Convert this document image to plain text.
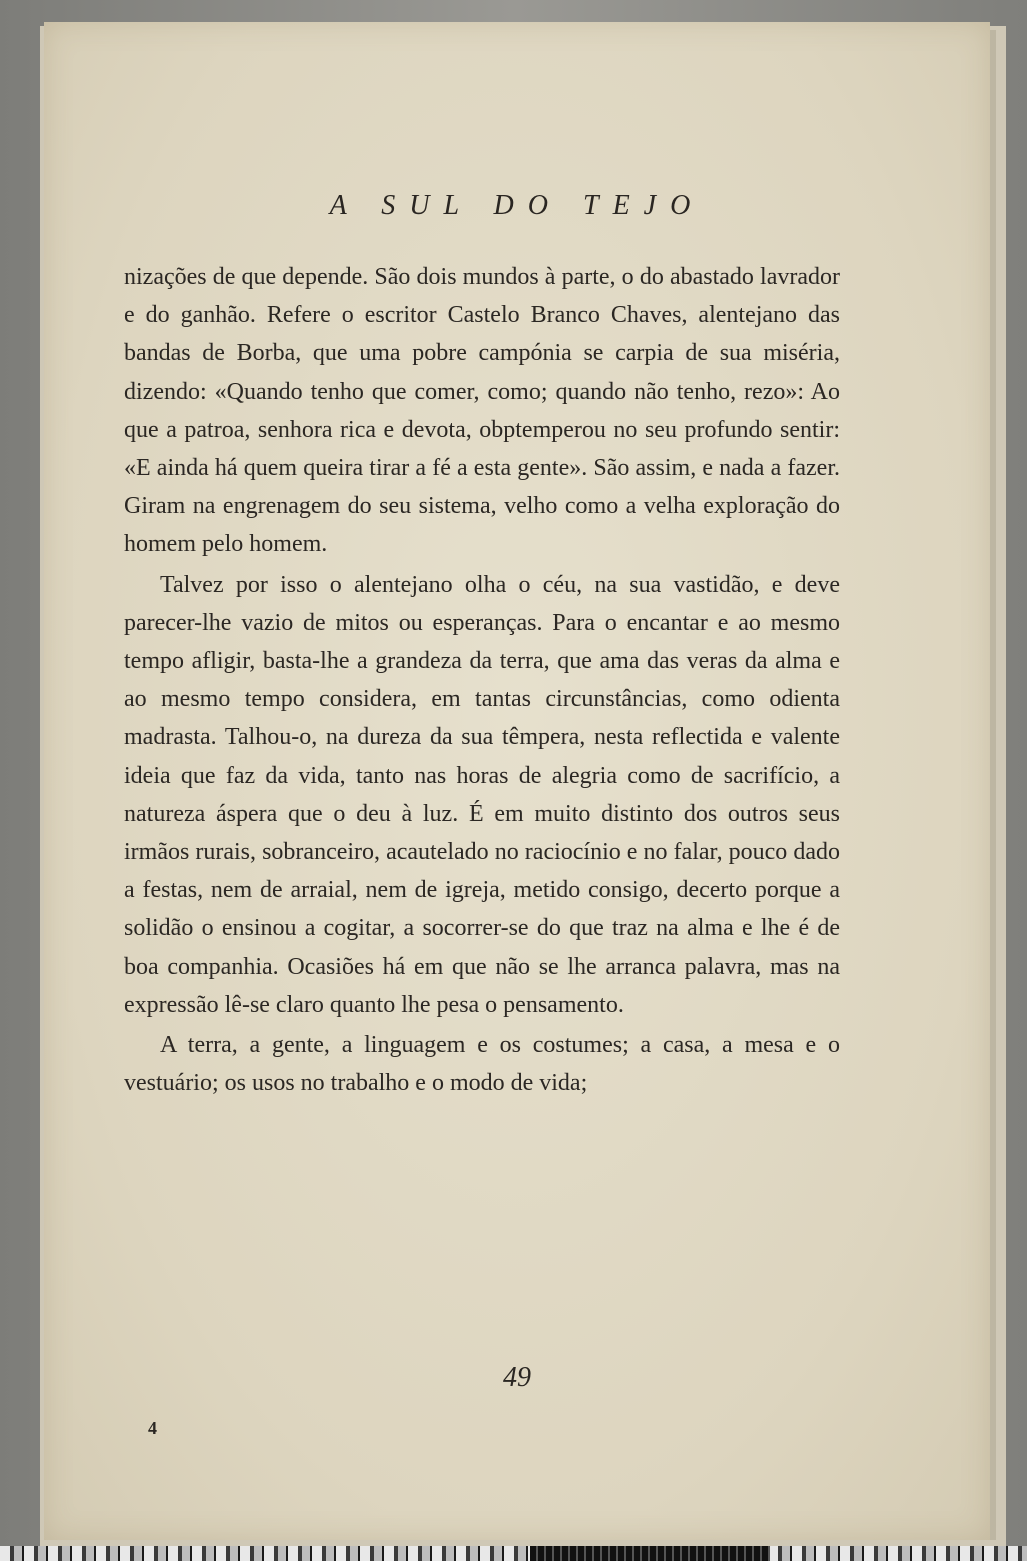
A SUL DO TEJO

nizações de que depende. São dois mundos à parte, o do abastado lavrador e do ganhão. Refere o escritor Castelo Branco Chaves, alentejano das bandas de Borba, que uma pobre campónia se carpia de sua miséria, dizendo: «Quando tenho que comer, como; quando não tenho, rezo»: Ao que a patroa, senhora rica e devota, obptemperou no seu profundo sentir: «E ainda há quem queira tirar a fé a esta gente». São assim, e nada a fazer. Giram na engrenagem do seu sistema, velho como a velha exploração do homem pelo homem.

Talvez por isso o alentejano olha o céu, na sua vastidão, e deve parecer-lhe vazio de mitos ou esperanças. Para o encantar e ao mesmo tempo afligir, basta-lhe a grandeza da terra, que ama das veras da alma e ao mesmo tempo considera, em tantas circunstâncias, como odienta madrasta. Talhou-o, na dureza da sua têmpera, nesta reflectida e valente ideia que faz da vida, tanto nas horas de alegria como de sacrifício, a natureza áspera que o deu à luz. É em muito distinto dos outros seus irmãos rurais, sobranceiro, acautelado no raciocínio e no falar, pouco dado a festas, nem de arraial, nem de igreja, metido consigo, decerto porque a solidão o ensinou a cogitar, a socorrer-se do que traz na alma e lhe é de boa companhia. Ocasiões há em que não se lhe arranca palavra, mas na expressão lê-se claro quanto lhe pesa o pensamento.

A terra, a gente, a linguagem e os costumes; a casa, a mesa e o vestuário; os usos no trabalho e o modo de vida;

49
4
